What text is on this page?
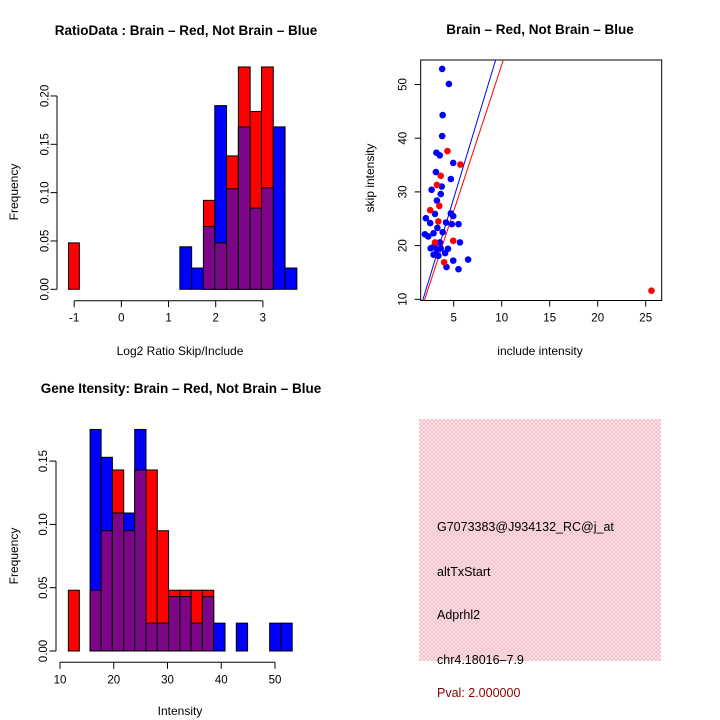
RatioData : Brain – Red, Not Brain – Blue
Frequency
Log2 Ratio Skip/Include
0.00
0.05
0.10
0.15
0.20
-1	0	1	2	3
Brain – Red, Not Brain – Blue
skip intensity
include intensity
5	10	15	20	25
10
20
30
40
50
Gene Itensity: Brain – Red, Not Brain – Blue
Frequency
Intensity
0.00
0.05
0.10
0.15
10	20	30	40	50
G7073383@J934132_RC@j_at
altTxStart
Adprhl2
chr4.18016–7.9
Pval: 2.000000
